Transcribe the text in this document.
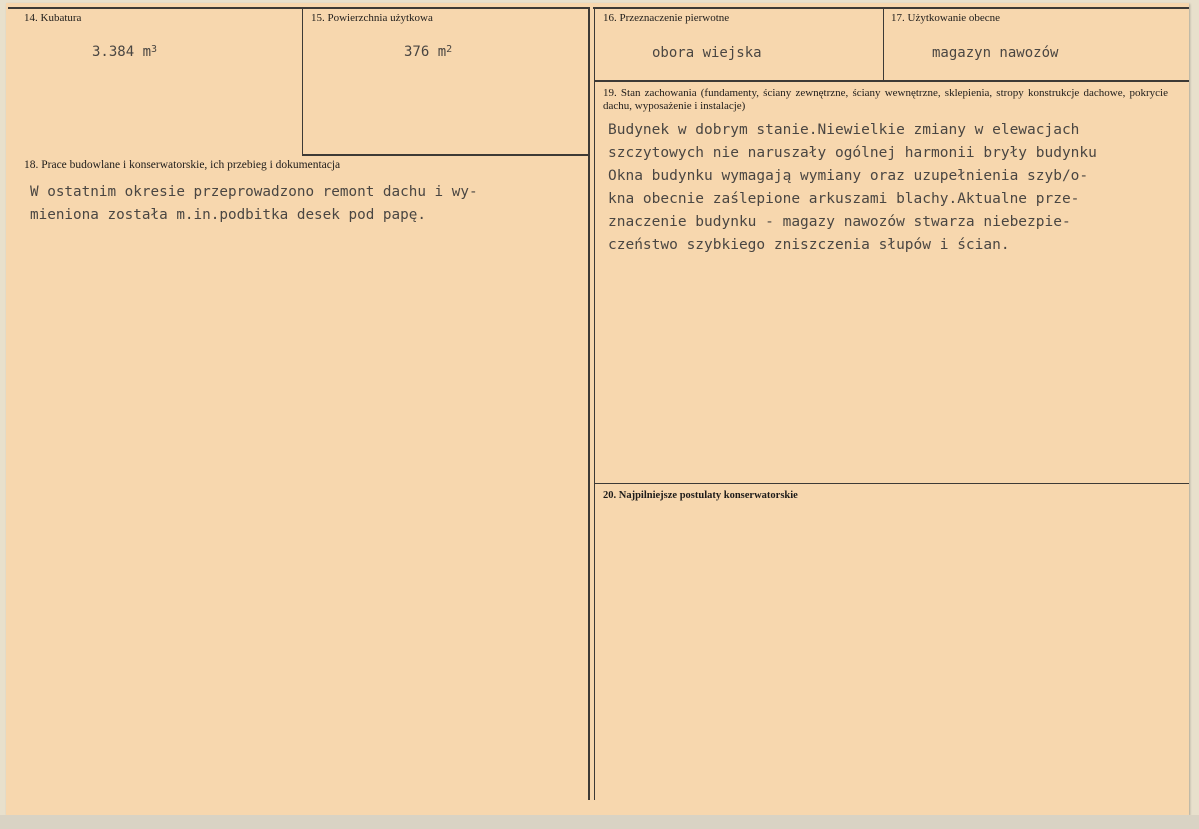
14. Kubatura
3.384 $m^3$
15. Powierzchnia użytkowa
376 $m^2$
16. Przeznaczenie pierwotne
obora wiejska
17. Użytkowanie obecne
magazyn nawozów
18. Prace budowlane i konserwatorskie, ich przebieg i dokumentacja
W ostatnim okresie przeprowadzono remont dachu i wy-
mieniona została m.in.podbitka desek pod papę.
19. Stan zachowania (fundamenty, ściany zewnętrzne, ściany wewnętrzne, sklepienia, stropy konstrukcje dachowe, pokrycie dachu, wyposażenie i instalacje)
Budynek w dobrym stanie.Niewielkie zmiany w elewacjach
szczytowych nie naruszały ogólnej harmonii bryły budynku
Okna budynku wymagają wymiany oraz uzupełnienia szyb/o-
kna obecnie zaślepione arkuszami blachy.Aktualne prze-
znaczenie budynku - magazy nawozów stwarza niebezpie-
czeństwo szybkiego zniszczenia słupów i ścian.
20. Najpilniejsze postulaty konserwatorskie
